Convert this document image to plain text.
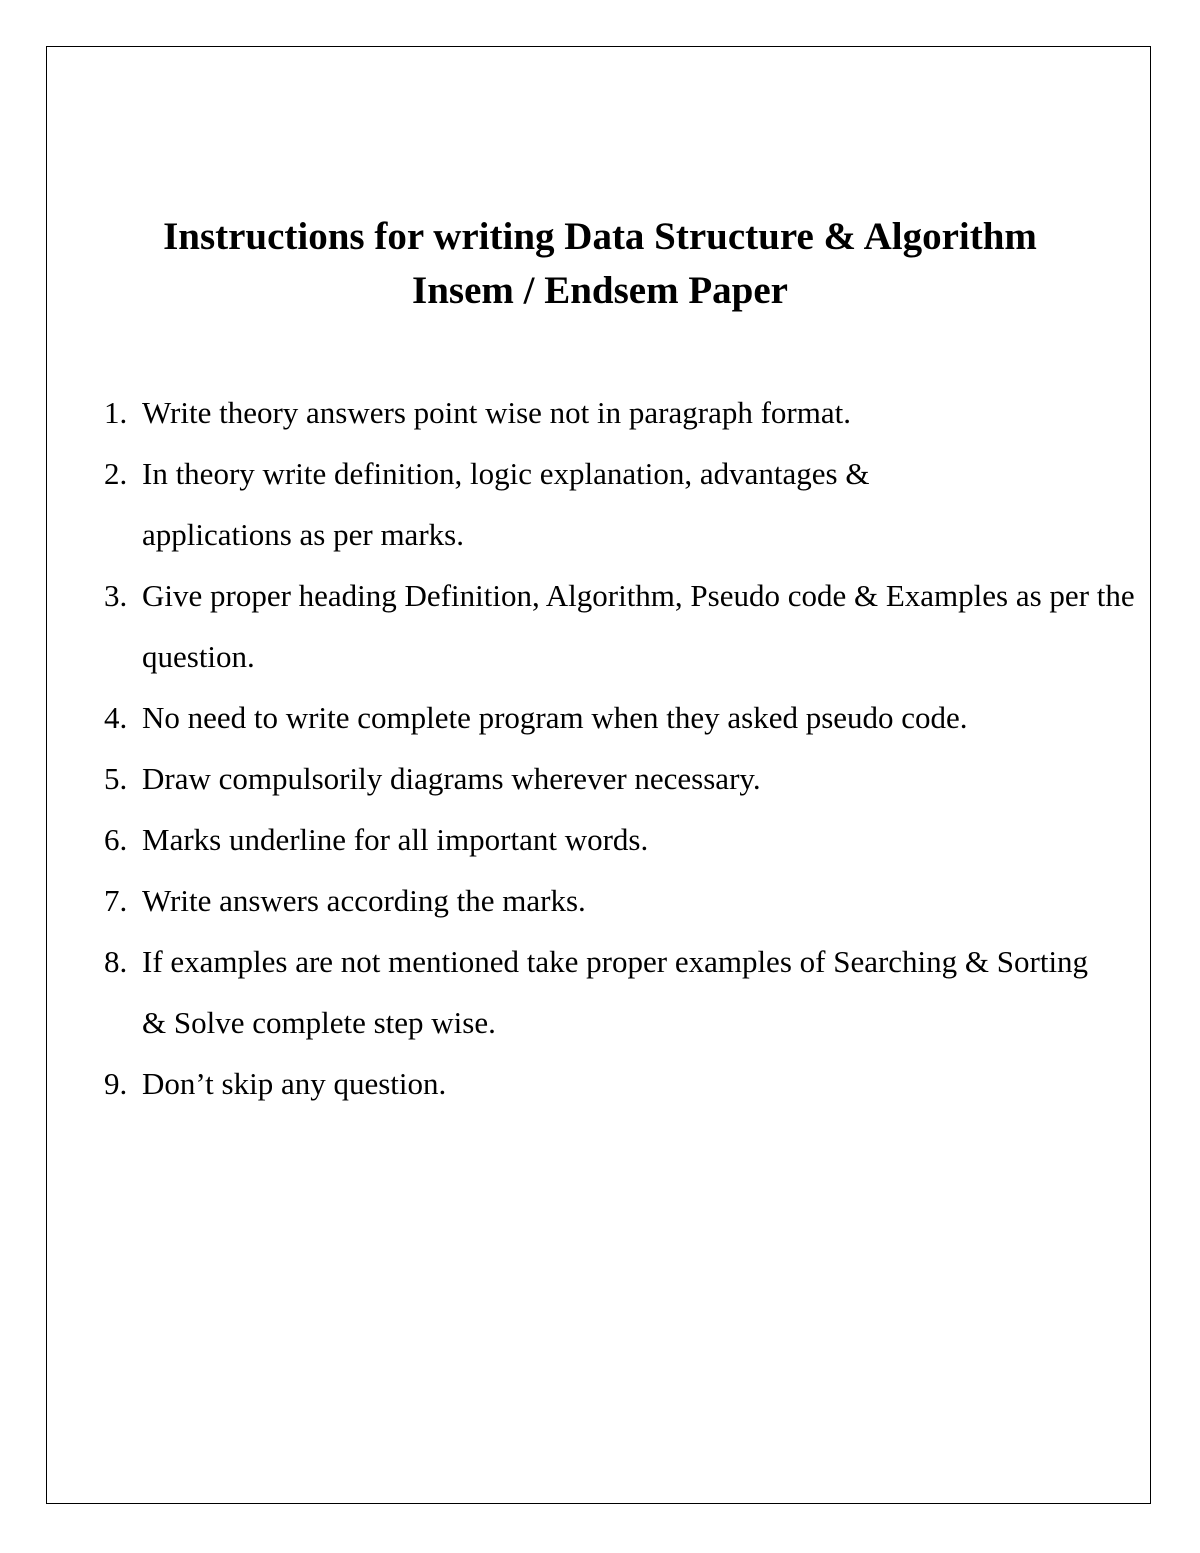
Instructions for writing Data Structure & Algorithm
Insem / Endsem Paper
1. Write theory answers point wise not in paragraph format.
2. In theory write definition, logic explanation, advantages & applications as per marks.
3. Give proper heading Definition, Algorithm, Pseudo code & Examples as per the question.
4. No need to write complete program when they asked pseudo code.
5. Draw compulsorily diagrams wherever necessary.
6. Marks underline for all important words.
7. Write answers according the marks.
8. If examples are not mentioned take proper examples of Searching & Sorting & Solve complete step wise.
9. Don’t skip any question.
